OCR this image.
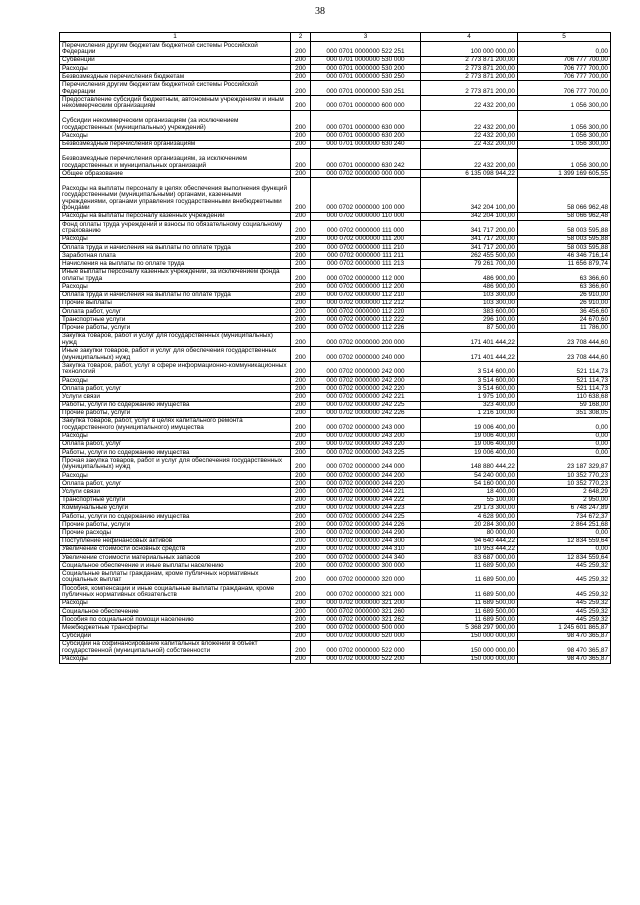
38
1	2	3	4	5
Перечисления другим бюджетам бюджетной системы Российской Федерации	200	000 0701 0000000 522 251	100 000 000,00	0,00
Субвенции	200	000 0701 0000000 530 000	2 773 871 200,00	706 777 700,00
Расходы	200	000 0701 0000000 530 200	2 773 871 200,00	706 777 700,00
Безвозмездные перечисления бюджетам	200	000 0701 0000000 530 250	2 773 871 200,00	706 777 700,00
Перечисления другим бюджетам бюджетной системы Российской Федерации	200	000 0701 0000000 530 251	2 773 871 200,00	706 777 700,00
Предоставление субсидий бюджетным, автономным учреждениям и иным некоммерческим организациям	200	000 0701 0000000 600 000	22 432 200,00	1 056 300,00
Субсидии некоммерческим организациям (за исключением государственных (муниципальных) учреждений)	200	000 0701 0000000 630 000	22 432 200,00	1 056 300,00
Расходы	200	000 0701 0000000 630 200	22 432 200,00	1 056 300,00
Безвозмездные перечисления организациям	200	000 0701 0000000 630 240	22 432 200,00	1 056 300,00
Безвозмездные перечисления организациям, за исключением государственных и муниципальных организаций	200	000 0701 0000000 630 242	22 432 200,00	1 056 300,00
Общее образование	200	000 0702 0000000 000 000	6 135 098 944,22	1 399 169 605,55
Расходы на выплаты персоналу в целях обеспечения выполнения функций государственными (муниципальными) органами, казенными учреждениями, органами управления государственными внебюджетными фондами	200	000 0702 0000000 100 000	342 204 100,00	58 066 962,48
Расходы на выплаты персоналу казенных учреждений	200	000 0702 0000000 110 000	342 204 100,00	58 066 962,48
Фонд оплаты труда учреждений и взносы по обязательному социальному страхованию	200	000 0702 0000000 111 000	341 717 200,00	58 003 595,88
Расходы	200	000 0702 0000000 111 200	341 717 200,00	58 003 595,88
Оплата труда и начисления на выплаты по оплате труда	200	000 0702 0000000 111 210	341 717 200,00	58 003 595,88
Заработная плата	200	000 0702 0000000 111 211	262 455 500,00	46 346 716,14
Начисления на выплаты по оплате труда	200	000 0702 0000000 111 213	79 261 700,00	11 656 879,74
Иные выплаты персоналу казенных учреждений, за исключением фонда оплаты труда	200	000 0702 0000000 112 000	486 900,00	63 366,60
Расходы	200	000 0702 0000000 112 200	486 900,00	63 366,60
Оплата труда и начисления на выплаты по оплате труда	200	000 0702 0000000 112 210	103 300,00	26 910,00
Прочие выплаты	200	000 0702 0000000 112 212	103 300,00	26 910,00
Оплата работ, услуг	200	000 0702 0000000 112 220	383 600,00	36 456,60
Транспортные услуги	200	000 0702 0000000 112 222	296 100,00	24 670,60
Прочие работы, услуги	200	000 0702 0000000 112 226	87 500,00	11 786,00
Закупка товаров, работ и услуг для государственных (муниципальных) нужд	200	000 0702 0000000 200 000	171 401 444,22	23 708 444,60
Иные закупки товаров, работ и услуг для обеспечения государственных (муниципальных) нужд	200	000 0702 0000000 240 000	171 401 444,22	23 708 444,60
Закупка товаров, работ, услуг в сфере информационно-коммуникационных технологий	200	000 0702 0000000 242 000	3 514 600,00	521 114,73
Расходы	200	000 0702 0000000 242 200	3 514 600,00	521 114,73
Оплата работ, услуг	200	000 0702 0000000 242 220	3 514 600,00	521 114,73
Услуги связи	200	000 0702 0000000 242 221	1 975 100,00	110 638,68
Работы, услуги по содержанию имущества	200	000 0702 0000000 242 225	323 400,00	59 168,00
Прочие работы, услуги	200	000 0702 0000000 242 226	1 216 100,00	351 308,05
Закупка товаров, работ, услуг в целях капитального ремонта государственного (муниципального) имущества	200	000 0702 0000000 243 000	19 006 400,00	0,00
Расходы	200	000 0702 0000000 243 200	19 006 400,00	0,00
Оплата работ, услуг	200	000 0702 0000000 243 220	19 006 400,00	0,00
Работы, услуги по содержанию имущества	200	000 0702 0000000 243 225	19 006 400,00	0,00
Прочая закупка товаров, работ и услуг для обеспечения государственных (муниципальных) нужд	200	000 0702 0000000 244 000	148 880 444,22	23 187 329,87
Расходы	200	000 0702 0000000 244 200	54 240 000,00	10 352 770,23
Оплата работ, услуг	200	000 0702 0000000 244 220	54 160 000,00	10 352 770,23
Услуги связи	200	000 0702 0000000 244 221	18 400,00	2 648,29
Транспортные услуги	200	000 0702 0000000 244 222	55 100,00	2 950,00
Коммунальные услуги	200	000 0702 0000000 244 223	29 173 300,00	6 748 247,89
Работы, услуги по содержанию имущества	200	000 0702 0000000 244 225	4 628 900,00	734 672,37
Прочие работы, услуги	200	000 0702 0000000 244 226	20 284 300,00	2 864 251,68
Прочие расходы	200	000 0702 0000000 244 290	80 000,00	0,00
Поступление нефинансовых активов	200	000 0702 0000000 244 300	94 640 444,22	12 834 559,64
Увеличение стоимости основных средств	200	000 0702 0000000 244 310	10 953 444,22	0,00
Увеличение стоимости материальных запасов	200	000 0702 0000000 244 340	83 687 000,00	12 834 559,64
Социальное обеспечение и иные выплаты населению	200	000 0702 0000000 300 000	11 689 500,00	445 259,32
Социальные выплаты гражданам, кроме публичных нормативных социальных выплат	200	000 0702 0000000 320 000	11 689 500,00	445 259,32
Пособия, компенсации и иные социальные выплаты гражданам, кроме публичных нормативных обязательств	200	000 0702 0000000 321 000	11 689 500,00	445 259,32
Расходы	200	000 0702 0000000 321 200	11 689 500,00	445 259,32
Социальное обеспечение	200	000 0702 0000000 321 260	11 689 500,00	445 259,32
Пособия по социальной помощи населению	200	000 0702 0000000 321 262	11 689 500,00	445 259,32
Межбюджетные трансферты	200	000 0702 0000000 500 000	5 368 297 900,00	1 245 601 865,87
Субсидии	200	000 0702 0000000 520 000	150 000 000,00	98 470 365,87
Субсидии на софинансирование капитальных вложений в объект государственной (муниципальной) собственности	200	000 0702 0000000 522 000	150 000 000,00	98 470 365,87
Расходы	200	000 0702 0000000 522 200	150 000 000,00	98 470 365,87
